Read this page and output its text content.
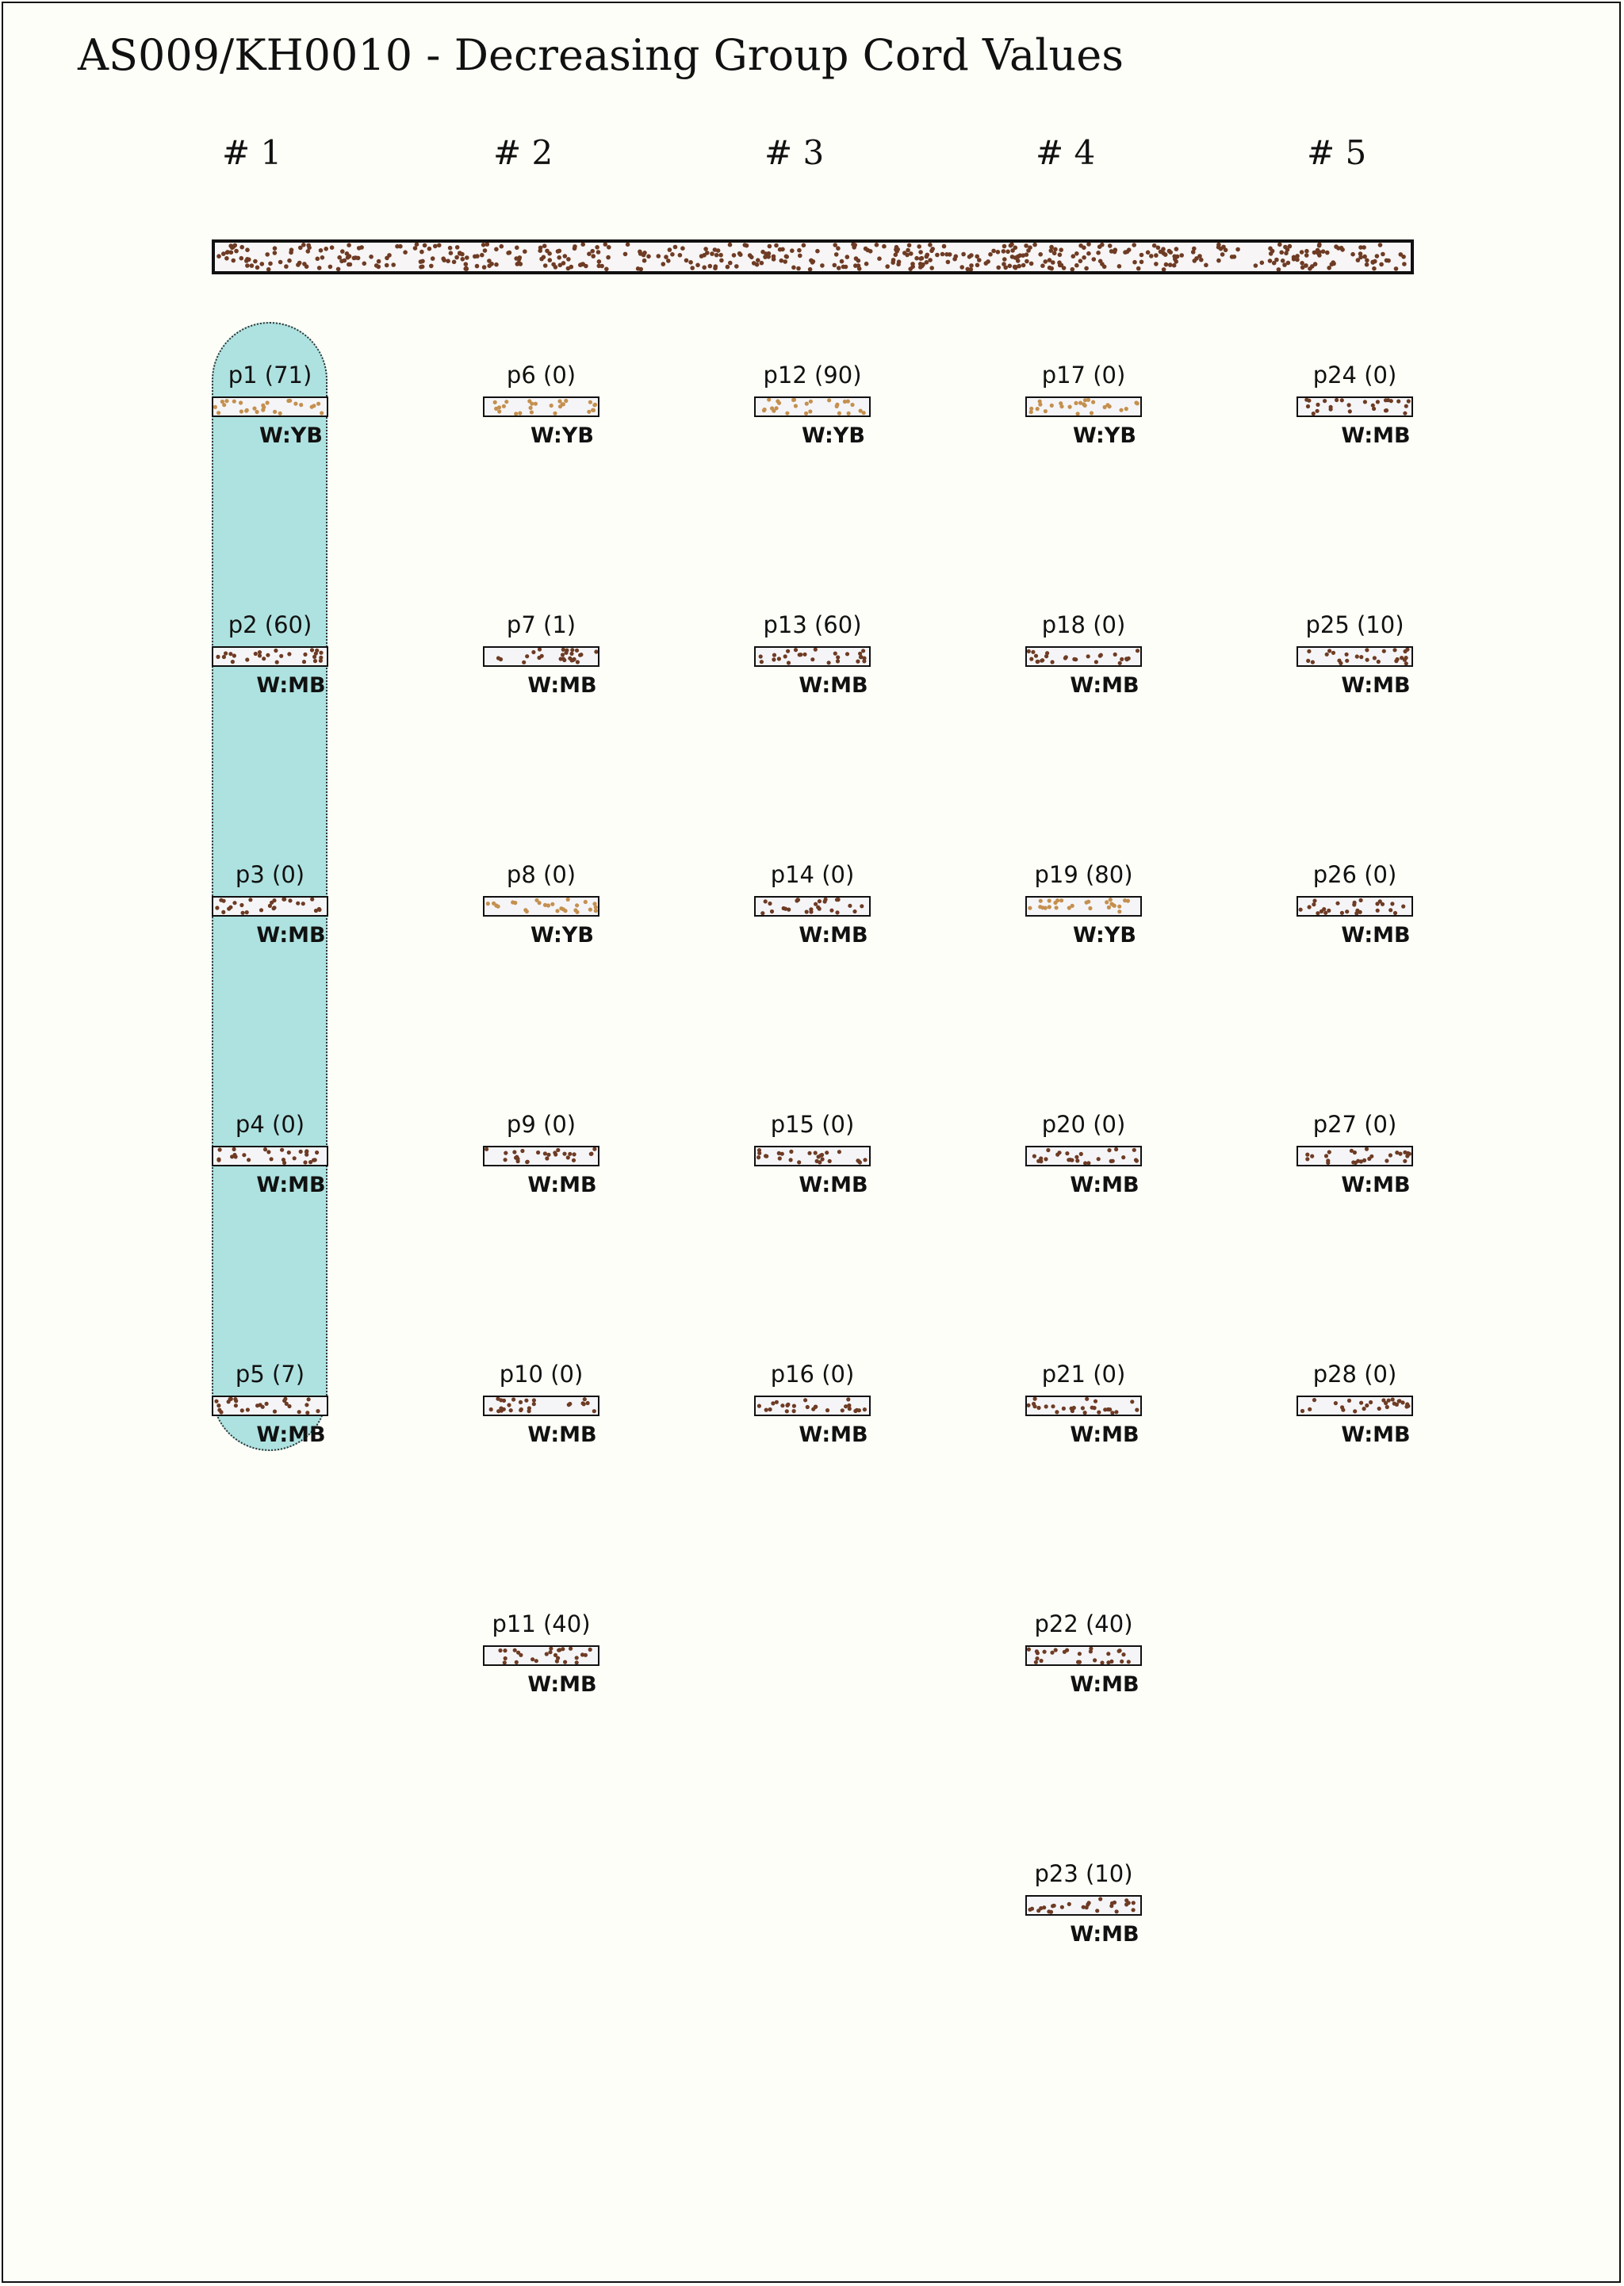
AS009/KH0010 - Decreasing Group Cord Values
# 1	# 2	# 3	# 4	# 5
p1 (71)
W:YB
p2 (60)
W:MB
p3 (0)
W:MB
p4 (0)
W:MB
p5 (7)
W:MB
p6 (0)
W:YB
p7 (1)
W:MB
p8 (0)
W:YB
p9 (0)
W:MB
p10 (0)
W:MB
p11 (40)
W:MB
p12 (90)
W:YB
p13 (60)
W:MB
p14 (0)
W:MB
p15 (0)
W:MB
p16 (0)
W:MB
p17 (0)
W:YB
p18 (0)
W:MB
p19 (80)
W:YB
p20 (0)
W:MB
p21 (0)
W:MB
p22 (40)
W:MB
p23 (10)
W:MB
p24 (0)
W:MB
p25 (10)
W:MB
p26 (0)
W:MB
p27 (0)
W:MB
p28 (0)
W:MB
